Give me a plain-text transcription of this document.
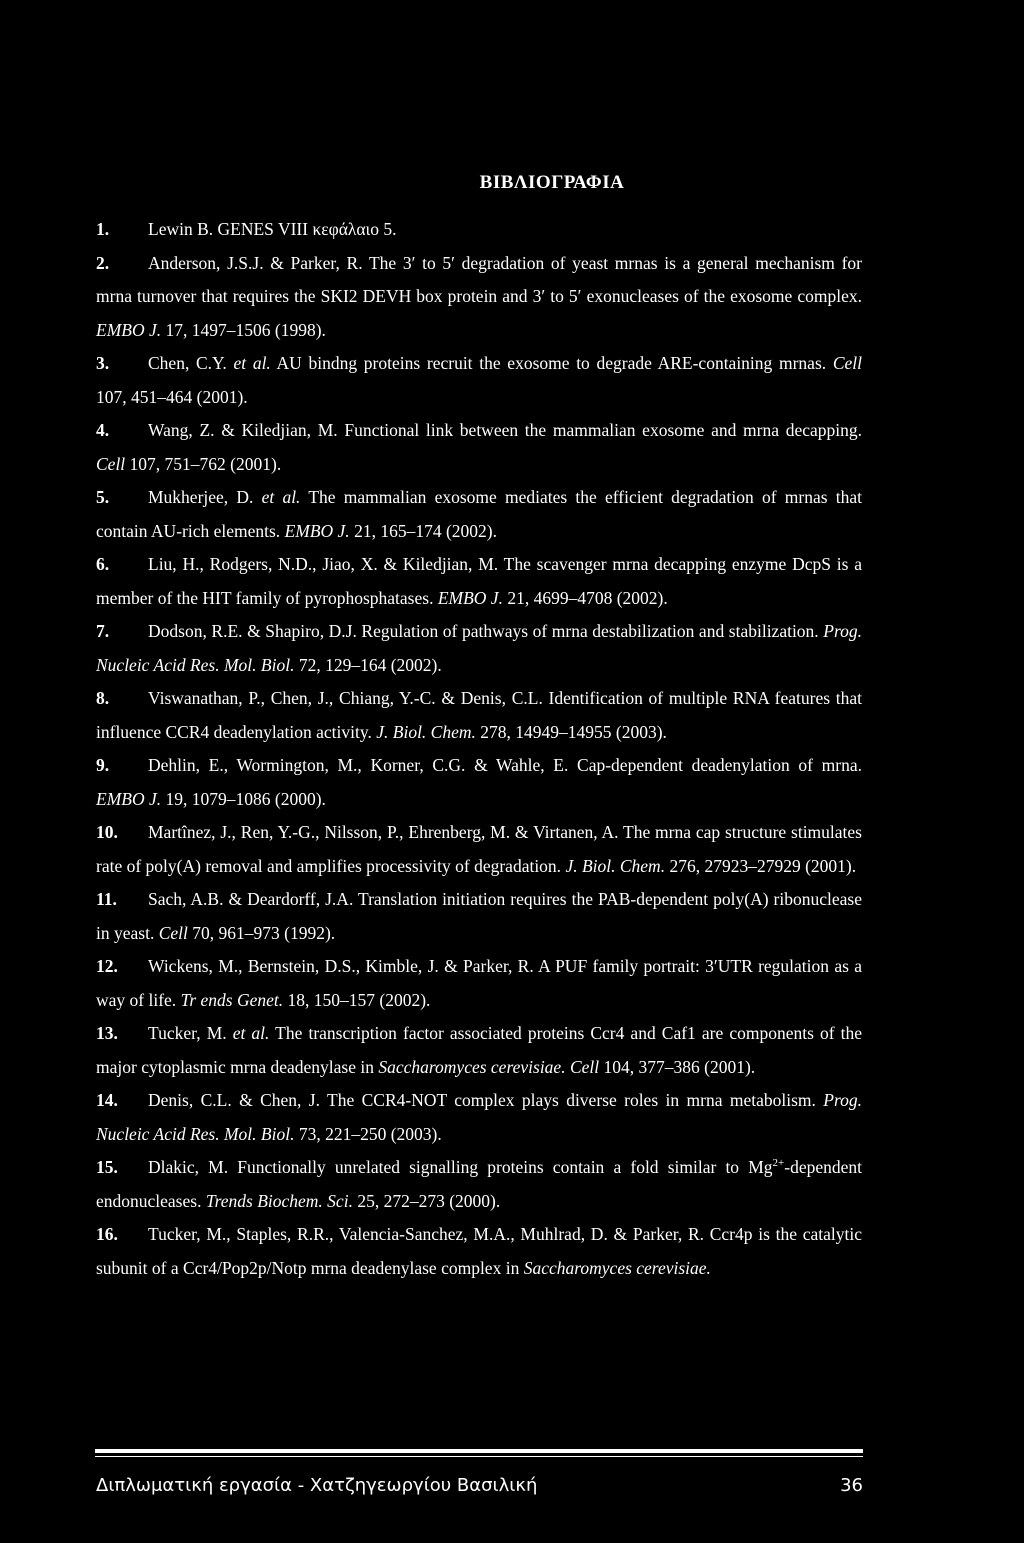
ΒΙΒΛΙΟΓΡΑΦΙΑ
1. Lewin B. GENES VIII κεφάλαιο 5.
2. Anderson, J.S.J. & Parker, R. The 3′ to 5′ degradation of yeast mrnas is a general mechanism for mrna turnover that requires the SKI2 DEVH box protein and 3′ to 5′ exonucleases of the exosome complex. EMBO J. 17, 1497–1506 (1998).
3. Chen, C.Y. et al. AU bindng proteins recruit the exosome to degrade ARE-containing mrnas. Cell 107, 451–464 (2001).
4. Wang, Z. & Kiledjian, M. Functional link between the mammalian exosome and mrna decapping. Cell 107, 751–762 (2001).
5. Mukherjee, D. et al. The mammalian exosome mediates the efficient degradation of mrnas that contain AU-rich elements. EMBO J. 21, 165–174 (2002).
6. Liu, H., Rodgers, N.D., Jiao, X. & Kiledjian, M. The scavenger mrna decapping enzyme DcpS is a member of the HIT family of pyrophosphatases. EMBO J. 21, 4699–4708 (2002).
7. Dodson, R.E. & Shapiro, D.J. Regulation of pathways of mrna destabilization and stabilization. Prog. Nucleic Acid Res. Mol. Biol. 72, 129–164 (2002).
8. Viswanathan, P., Chen, J., Chiang, Y.-C. & Denis, C.L. Identification of multiple RNA features that influence CCR4 deadenylation activity. J. Biol. Chem. 278, 14949–14955 (2003).
9. Dehlin, E., Wormington, M., Korner, C.G. & Wahle, E. Cap-dependent deadenylation of mrna. EMBO J. 19, 1079–1086 (2000).
10. Martînez, J., Ren, Y.-G., Nilsson, P., Ehrenberg, M. & Virtanen, A. The mrna cap structure stimulates rate of poly(A) removal and amplifies processivity of degradation. J. Biol. Chem. 276, 27923–27929 (2001).
11. Sach, A.B. & Deardorff, J.A. Translation initiation requires the PAB-dependent poly(A) ribonuclease in yeast. Cell 70, 961–973 (1992).
12. Wickens, M., Bernstein, D.S., Kimble, J. & Parker, R. A PUF family portrait: 3′UTR regulation as a way of life. Tr ends Genet. 18, 150–157 (2002).
13. Tucker, M. et al. The transcription factor associated proteins Ccr4 and Caf1 are components of the major cytoplasmic mrna deadenylase in Saccharomyces cerevisiae. Cell 104, 377–386 (2001).
14. Denis, C.L. & Chen, J. The CCR4-NOT complex plays diverse roles in mrna metabolism. Prog. Nucleic Acid Res. Mol. Biol. 73, 221–250 (2003).
15. Dlakic, M. Functionally unrelated signalling proteins contain a fold similar to $Mg^{2+}$-dependent endonucleases. Trends Biochem. Sci. 25, 272–273 (2000).
16. Tucker, M., Staples, R.R., Valencia-Sanchez, M.A., Muhlrad, D. & Parker, R. Ccr4p is the catalytic subunit of a Ccr4/Pop2p/Notp mrna deadenylase complex in Saccharomyces cerevisiae.
Διπλωματική εργασία - Χατζηγεωργίου Βασιλική	36
